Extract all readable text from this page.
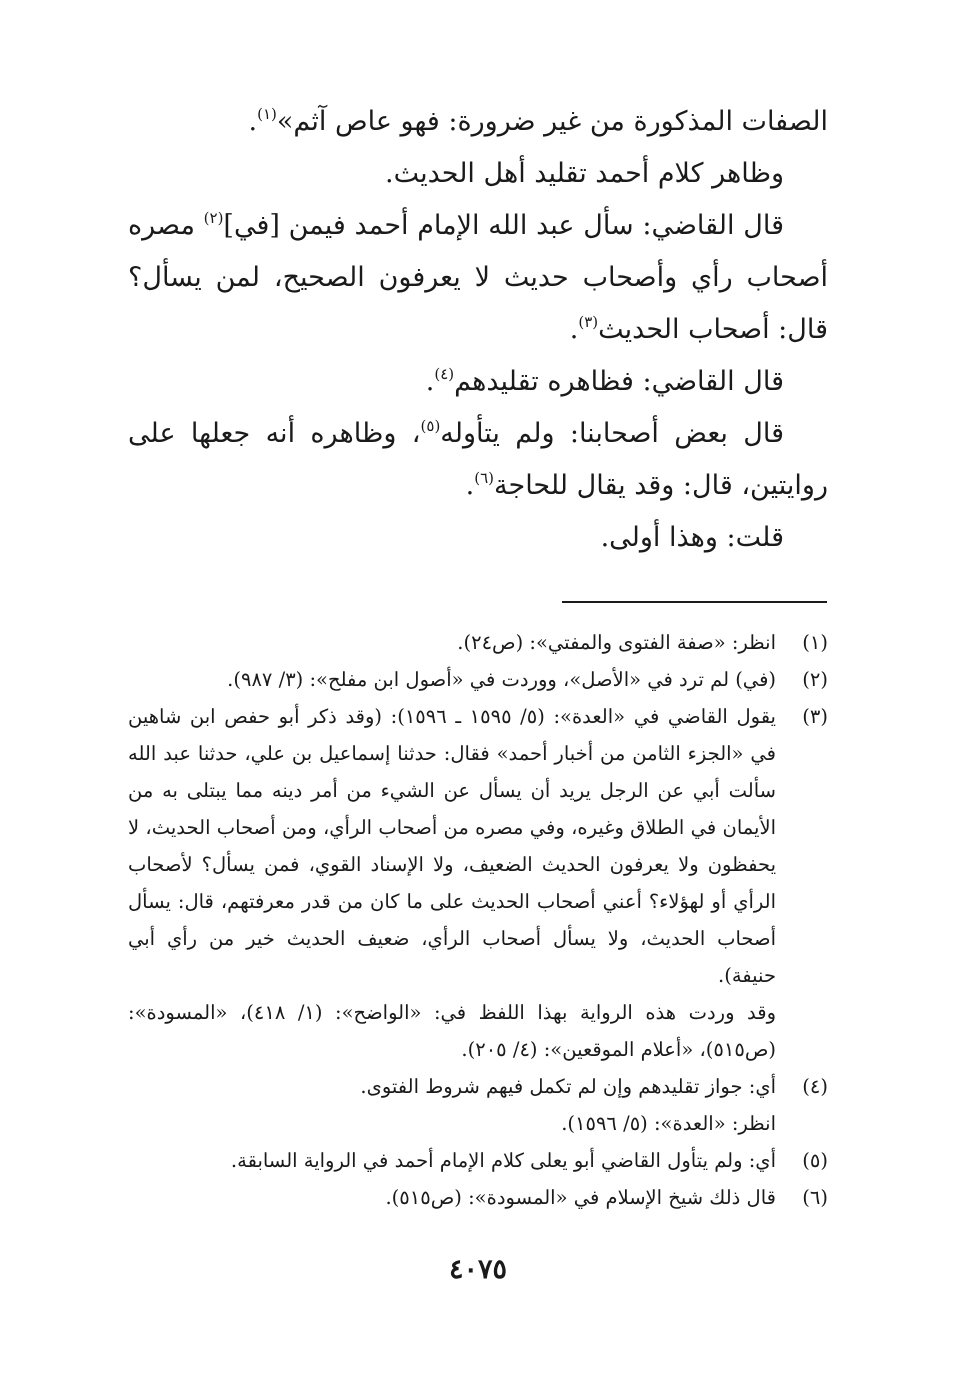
الصفات المذكورة من غير ضرورة: فهو عاص آثم»$^{(١)}$.

وظاهر كلام أحمد تقليد أهل الحديث.

قال القاضي: سأل عبد الله الإمام أحمد فيمن [في]$^{(٢)}$ مصره أصحاب رأي وأصحاب حديث لا يعرفون الصحيح، لمن يسأل؟ قال: أصحاب الحديث$^{(٣)}$.

قال القاضي: فظاهره تقليدهم$^{(٤)}$.

قال بعض أصحابنا: ولم يتأوله$^{(٥)}$، وظاهره أنه جعلها على روايتين، قال: وقد يقال للحاجة$^{(٦)}$.

قلت: وهذا أولى.

(١)

انظر: «صفة الفتوى والمفتي»: (ص٢٤).

(٢)

(في) لم ترد في «الأصل»، ووردت في «أصول ابن مفلح»: (٣/ ٩٨٧).

(٣)

يقول القاضي في «العدة»: (٥/ ١٥٩٥ ـ ١٥٩٦): (وقد ذكر أبو حفص ابن شاهين في «الجزء الثامن من أخبار أحمد» فقال: حدثنا إسماعيل بن علي، حدثنا عبد الله سألت أبي عن الرجل يريد أن يسأل عن الشيء من أمر دينه مما يبتلى به من الأيمان في الطلاق وغيره، وفي مصره من أصحاب الرأي، ومن أصحاب الحديث، لا يحفظون ولا يعرفون الحديث الضعيف، ولا الإسناد القوي، فمن يسأل؟ لأصحاب الرأي أو لهؤلاء؟ أعني أصحاب الحديث على ما كان من قدر معرفتهم، قال: يسأل أصحاب الحديث، ولا يسأل أصحاب الرأي، ضعيف الحديث خير من رأي أبي حنيفة).

وقد وردت هذه الرواية بهذا اللفظ في: «الواضح»: (١/ ٤١٨)، «المسودة»: (ص٥١٥)، «أعلام الموقعين»: (٤/ ٢٠٥).

(٤)

أي: جواز تقليدهم وإن لم تكمل فيهم شروط الفتوى.

انظر: «العدة»: (٥/ ١٥٩٦).

(٥)

أي: ولم يتأول القاضي أبو يعلى كلام الإمام أحمد في الرواية السابقة.

(٦)

قال ذلك شيخ الإسلام في «المسودة»: (ص٥١٥).

٤٠٧٥
